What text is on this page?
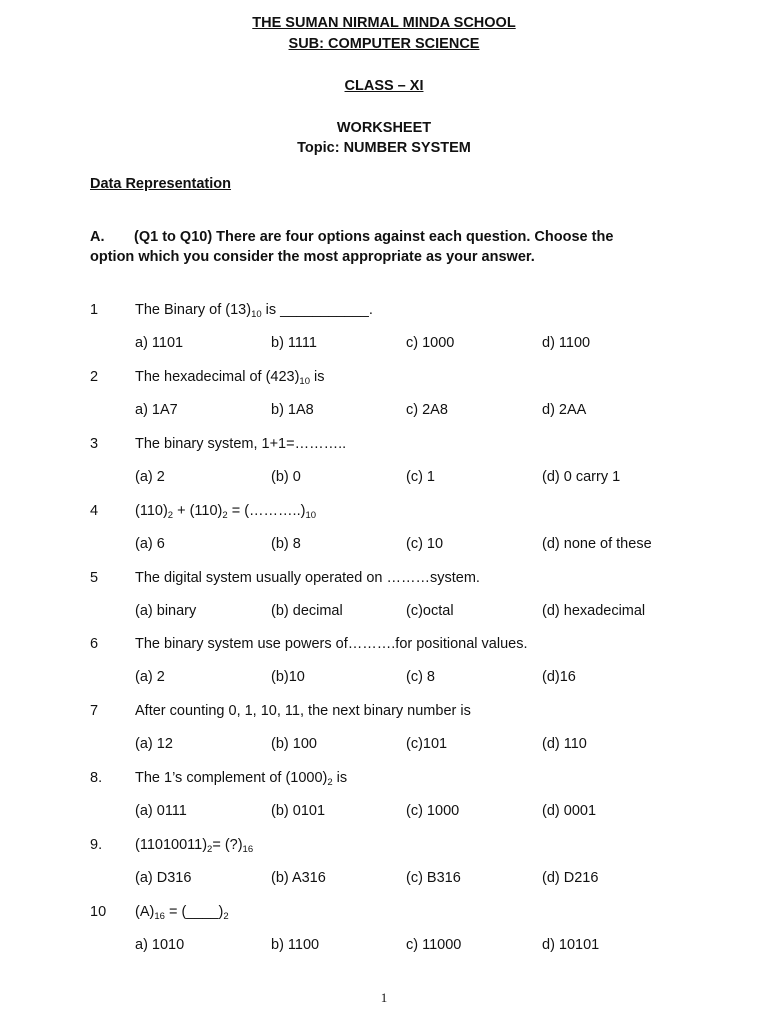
THE SUMAN NIRMAL MINDA SCHOOL
SUB: COMPUTER SCIENCE
CLASS – XI
WORKSHEET
Topic: NUMBER SYSTEM
Data Representation
A. (Q1 to Q10) There are four options against each question. Choose the
option which you consider the most appropriate as your answer.
1	The Binary of $(13)_{10}$ is ___________.
a) 1101	b) 1111	c) 1000	d) 1100
2	The hexadecimal of $(423)_{10}$ is
a) 1A7	b) 1A8	c) 2A8	d) 2AA
3	The binary system, 1+1=………..
(a) 2	(b) 0	(c) 1	(d) 0 carry 1
4	$(110)_2 + (110)_2$ = $(\dots\dots\dots..)_{10}$
(a) 6	(b) 8	(c) 10	(d) none of these
5	The digital system usually operated on ………system.
(a) binary	(b) decimal	(c)octal	(d) hexadecimal
6	The binary system use powers of……….for positional values.
(a) 2	(b)10	(c) 8	(d)16
7	After counting 0, 1, 10, 11, the next binary number is
(a) 12	(b) 100	(c)101	(d) 110
8. The 1’s complement of $(1000)_2$ is
(a) 0111	(b) 0101	(c) 1000	(d) 0001
9. $(11010011)_2=$ $(?)_{16}$
(a) D316	(b) A316	(c) B316	(d) D216
10 $(A)_{16}$ = $(\_\_\_\_)_2$
a) 1010	b) 1100	c) 11000	d) 10101
1
